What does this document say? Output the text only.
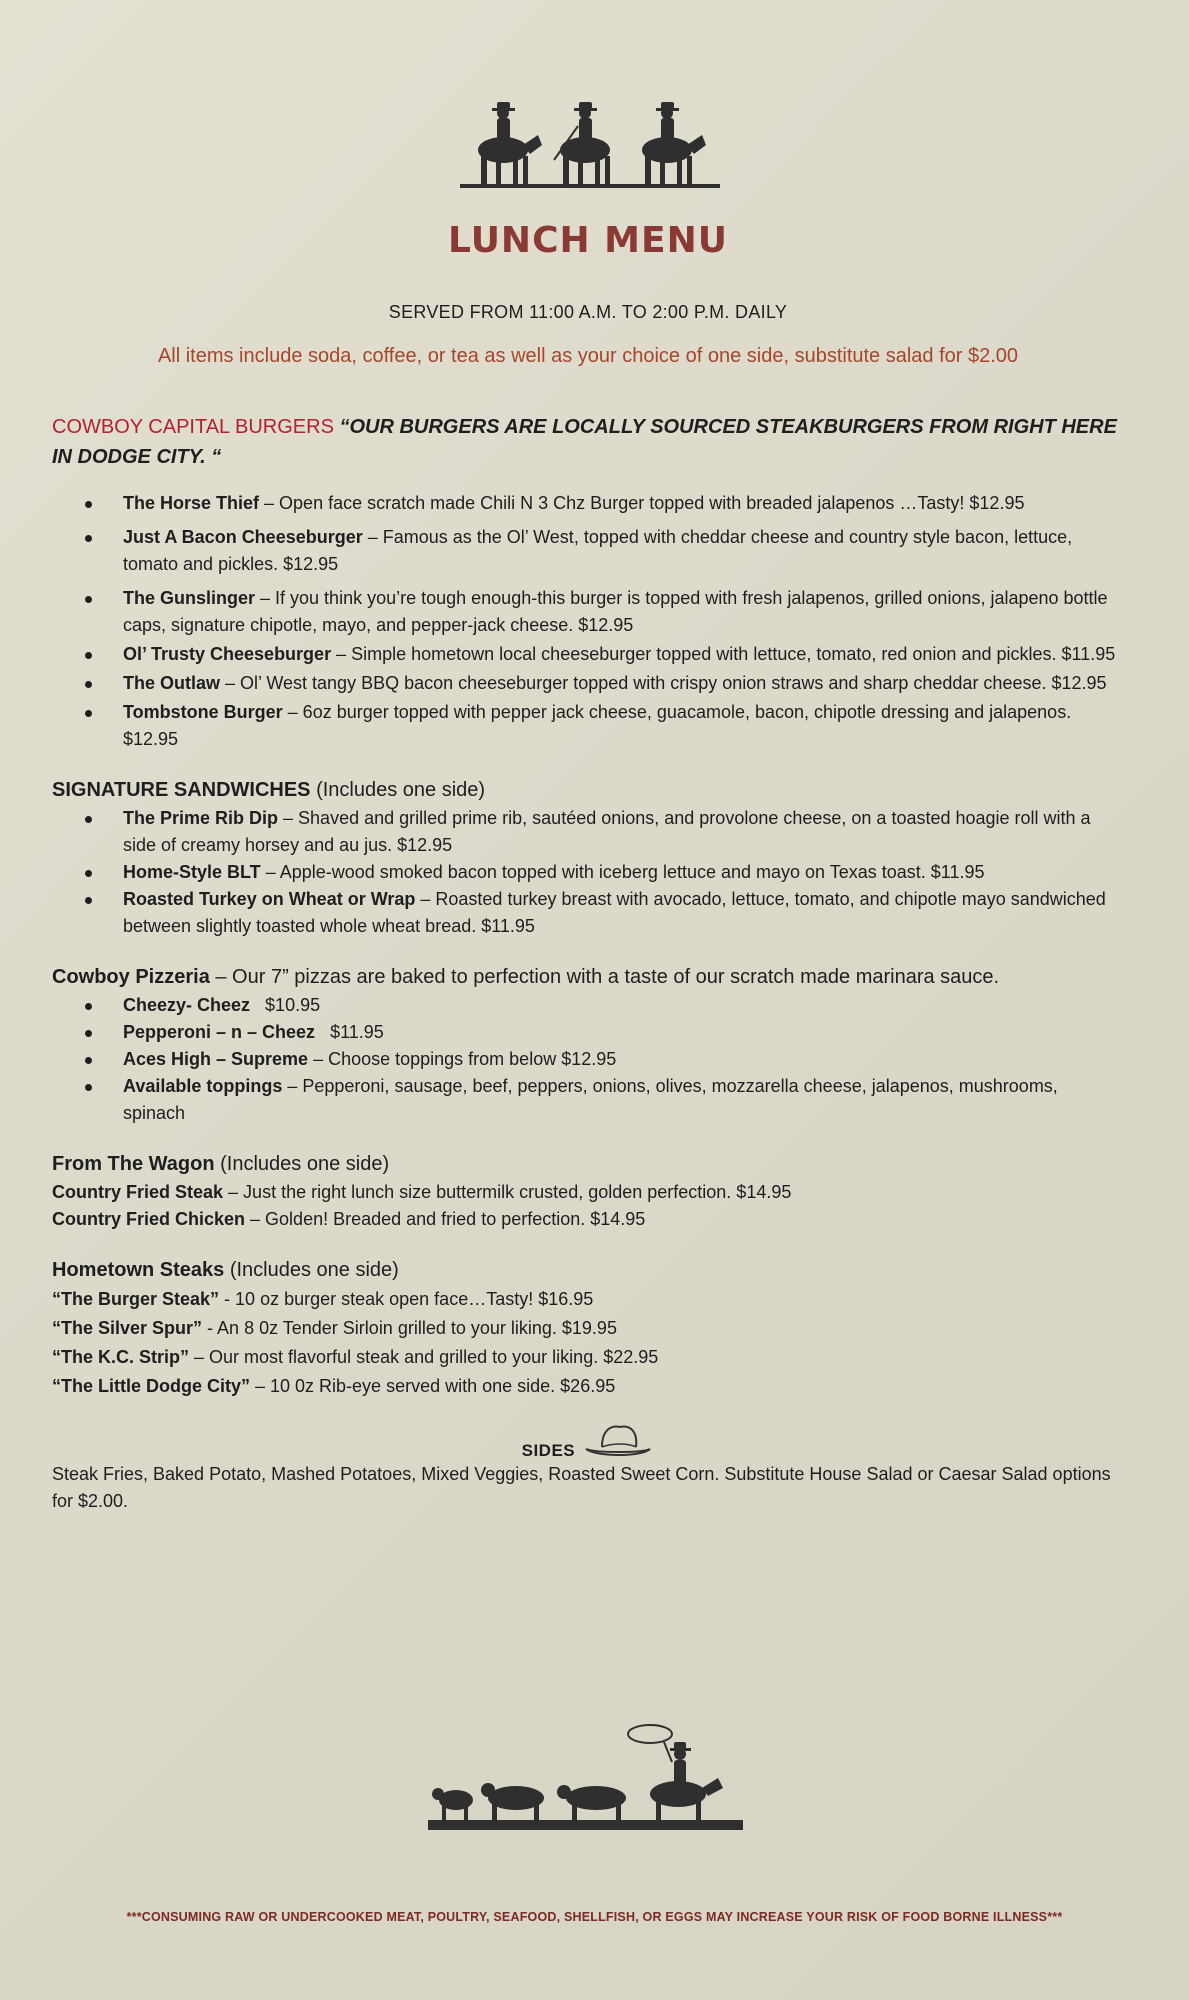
LUNCH MENU
SERVED FROM 11:00 A.M. TO 2:00 P.M. DAILY
All items include soda, coffee, or tea as well as your choice of one side, substitute salad for $2.00

COWBOY CAPITAL BURGERS “OUR BURGERS ARE LOCALLY SOURCED STEAKBURGERS FROM RIGHT HERE IN DODGE CITY. “

The Horse Thief – Open face scratch made Chili N 3 Chz Burger topped with breaded jalapenos …Tasty! $12.95
Just A Bacon Cheeseburger – Famous as the Ol’ West, topped with cheddar cheese and country style bacon, lettuce, tomato and pickles. $12.95
The Gunslinger – If you think you’re tough enough-this burger is topped with fresh jalapenos, grilled onions, jalapeno bottle caps, signature chipotle, mayo, and pepper-jack cheese. $12.95
Ol’ Trusty Cheeseburger – Simple hometown local cheeseburger topped with lettuce, tomato, red onion and pickles. $11.95
The Outlaw – Ol’ West tangy BBQ bacon cheeseburger topped with crispy onion straws and sharp cheddar cheese. $12.95
Tombstone Burger – 6oz burger topped with pepper jack cheese, guacamole, bacon, chipotle dressing and jalapenos. $12.95

SIGNATURE SANDWICHES (Includes one side)

The Prime Rib Dip – Shaved and grilled prime rib, sautéed onions, and provolone cheese, on a toasted hoagie roll with a side of creamy horsey and au jus. $12.95
Home-Style BLT – Apple-wood smoked bacon topped with iceberg lettuce and mayo on Texas toast. $11.95
Roasted Turkey on Wheat or Wrap – Roasted turkey breast with avocado, lettuce, tomato, and chipotle mayo sandwiched between slightly toasted whole wheat bread. $11.95

Cowboy Pizzeria – Our 7” pizzas are baked to perfection with a taste of our scratch made marinara sauce.

Cheezy- Cheez   $10.95
Pepperoni – n – Cheez   $11.95
Aces High – Supreme – Choose toppings from below $12.95
Available toppings – Pepperoni, sausage, beef, peppers, onions, olives, mozzarella cheese, jalapenos, mushrooms, spinach

From The Wagon (Includes one side)

Country Fried Steak – Just the right lunch size buttermilk crusted, golden perfection. $14.95
Country Fried Chicken – Golden! Breaded and fried to perfection. $14.95

Hometown Steaks (Includes one side)

“The Burger Steak” - 10 oz burger steak open face…Tasty! $16.95
“The Silver Spur” - An 8 0z Tender Sirloin grilled to your liking. $19.95
“The K.C. Strip” – Our most flavorful steak and grilled to your liking. $22.95
“The Little Dodge City” – 10 0z Rib-eye served with one side. $26.95
SIDES
Steak Fries, Baked Potato, Mashed Potatoes, Mixed Veggies, Roasted Sweet Corn. Substitute House Salad or Caesar Salad options for $2.00.
***CONSUMING RAW OR UNDERCOOKED MEAT, POULTRY, SEAFOOD, SHELLFISH, OR EGGS MAY INCREASE YOUR RISK OF FOOD BORNE ILLNESS***
